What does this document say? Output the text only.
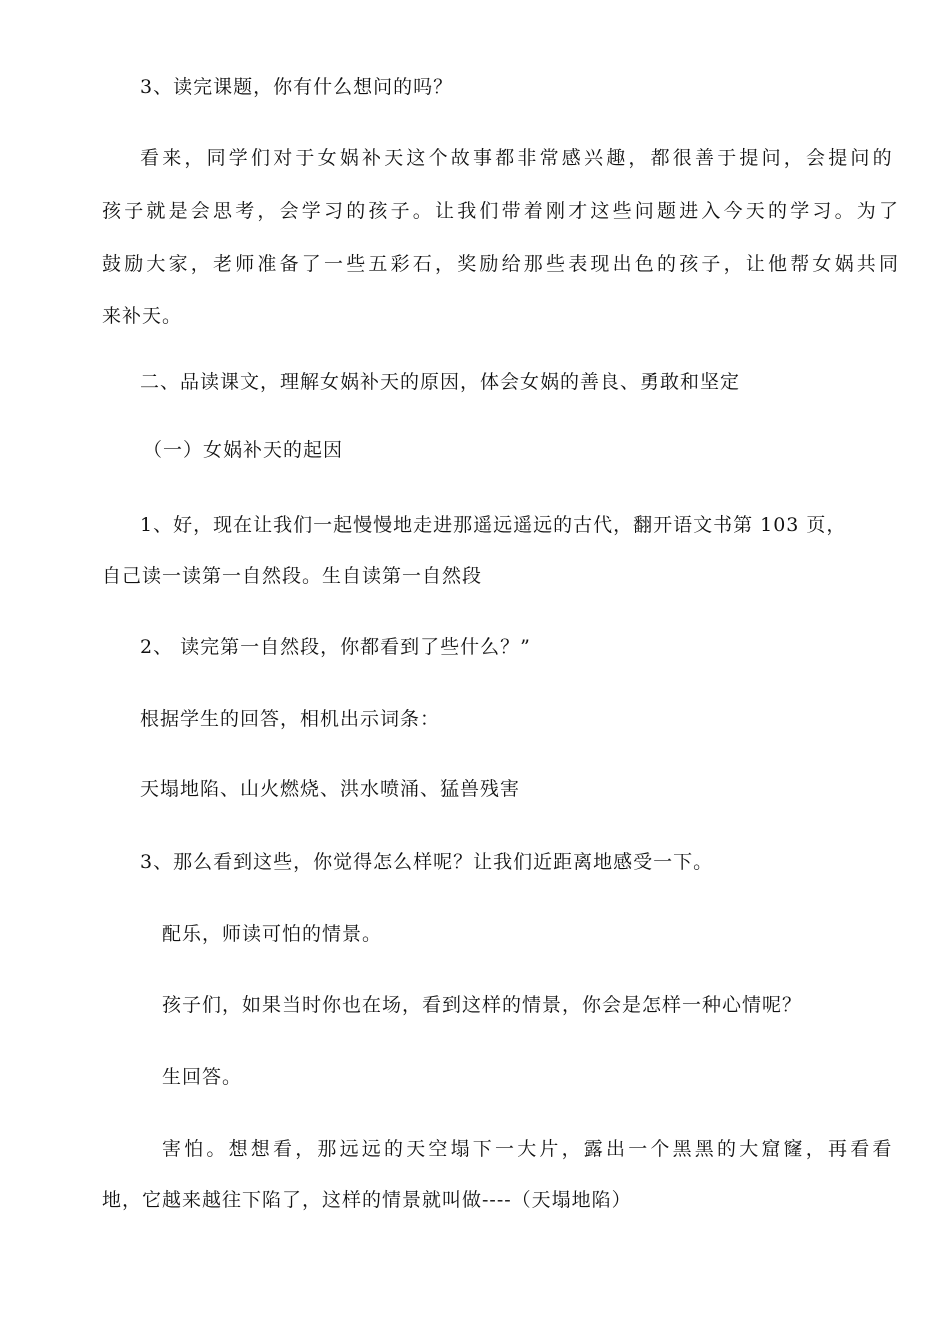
3、读完课题，你有什么想问的吗？
看来，同学们对于女娲补天这个故事都非常感兴趣，都很善于提问，会提问的
孩子就是会思考，会学习的孩子。让我们带着刚才这些问题进入今天的学习。为了
鼓励大家，老师准备了一些五彩石，奖励给那些表现出色的孩子，让他帮女娲共同
来补天。
二、品读课文，理解女娲补天的原因，体会女娲的善良、勇敢和坚定
（一）女娲补天的起因
1、好，现在让我们一起慢慢地走进那遥远遥远的古代，翻开语文书第 103 页，
自己读一读第一自然段。生自读第一自然段
2、 读完第一自然段，你都看到了些什么？”
根据学生的回答，相机出示词条：
天塌地陷、山火燃烧、洪水喷涌、猛兽残害
3、那么看到这些，你觉得怎么样呢？让我们近距离地感受一下。
配乐，师读可怕的情景。
孩子们，如果当时你也在场，看到这样的情景，你会是怎样一种心情呢？
生回答。
害怕。想想看，那远远的天空塌下一大片，露出一个黑黑的大窟窿，再看看
地，它越来越往下陷了，这样的情景就叫做----（天塌地陷）
